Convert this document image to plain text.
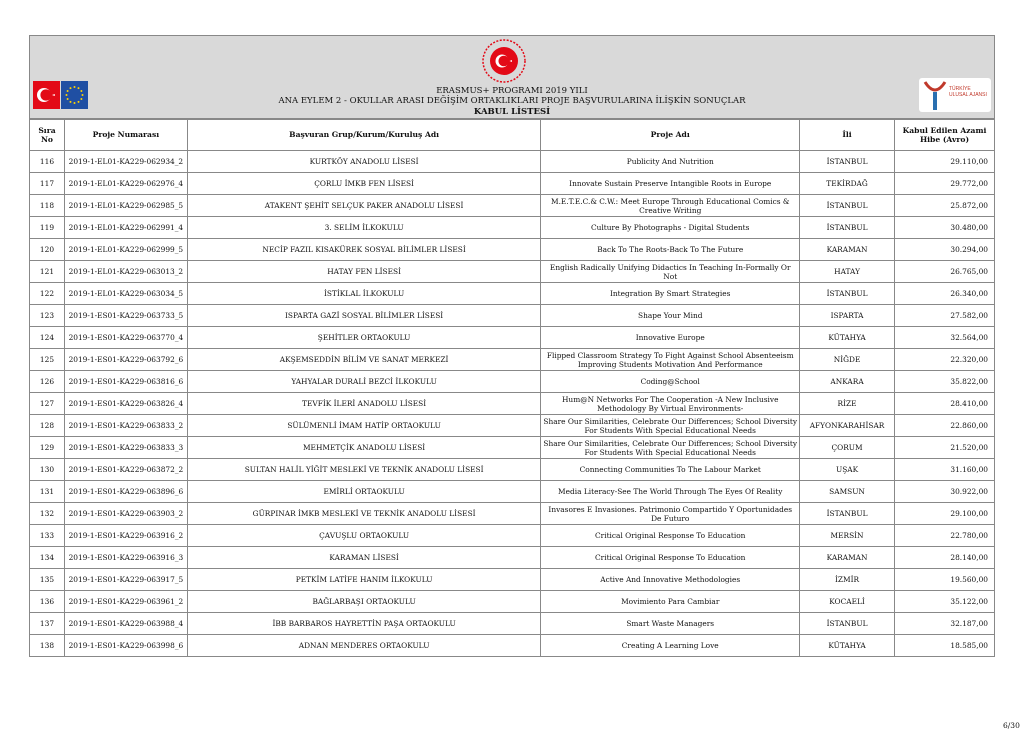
TÜRKİYE ULUSAL AJANSI
ERASMUS+ PROGRAMI 2019 YILI
ANA EYLEM 2 - OKULLAR ARASI DEĞİŞİM ORTAKLIKLARI PROJE BAŞVURULARINA İLİŞKİN SONUÇLAR
KABUL LİSTESİ
Sıra No	Proje Numarası	Başvuran Grup/Kurum/Kuruluş Adı	Proje Adı	İli	Kabul Edilen Azami Hibe (Avro)
116	2019-1-EL01-KA229-062934_2	KURTKÖY ANADOLU LİSESİ	Publicity And Nutrition	İSTANBUL	29.110,00
117	2019-1-EL01-KA229-062976_4	ÇORLU İMKB FEN LİSESİ	Innovate Sustain Preserve Intangible Roots in Europe	TEKİRDAĞ	29.772,00
118	2019-1-EL01-KA229-062985_5	ATAKENT ŞEHİT SELÇUK PAKER ANADOLU LİSESİ	M.E.T.E.C.& C.W.: Meet Europe Through Educational Comics & Creative Writing	İSTANBUL	25.872,00
119	2019-1-EL01-KA229-062991_4	3. SELİM İLKOKULU	Culture By Photographs - Digital Students	İSTANBUL	30.480,00
120	2019-1-EL01-KA229-062999_5	NECİP FAZIL KISAKÜREK SOSYAL BİLİMLER LİSESİ	Back To The Roots-Back To The Future	KARAMAN	30.294,00
121	2019-1-EL01-KA229-063013_2	HATAY FEN LİSESİ	English Radically Unifying Didactics In Teaching In-Formally Or Not	HATAY	26.765,00
122	2019-1-EL01-KA229-063034_5	İSTİKLAL İLKOKULU	Integration By Smart Strategies	İSTANBUL	26.340,00
123	2019-1-ES01-KA229-063733_5	ISPARTA GAZİ SOSYAL BİLİMLER LİSESİ	Shape Your Mind	ISPARTA	27.582,00
124	2019-1-ES01-KA229-063770_4	ŞEHİTLER ORTAOKULU	Innovative Europe	KÜTAHYA	32.564,00
125	2019-1-ES01-KA229-063792_6	AKŞEMSEDDİN BİLİM VE SANAT MERKEZİ	Flipped Classroom Strategy To Fight Against School Absenteeism Improving Students Motivation And Performance	NİĞDE	22.320,00
126	2019-1-ES01-KA229-063816_6	YAHYALAR DURALİ BEZCİ İLKOKULU	Coding@School	ANKARA	35.822,00
127	2019-1-ES01-KA229-063826_4	TEVFİK İLERİ ANADOLU LİSESİ	Hum@N Networks For The Cooperation -A New Inclusive Methodology By Virtual Environments-	RİZE	28.410,00
128	2019-1-ES01-KA229-063833_2	SÜLÜMENLİ İMAM HATİP ORTAOKULU	Share Our Similarities, Celebrate Our Differences; School Diversity For Students With Special Educational Needs	AFYONKARAHİSAR	22.860,00
129	2019-1-ES01-KA229-063833_3	MEHMETÇİK ANADOLU LİSESİ	Share Our Similarities, Celebrate Our Differences; School Diversity For Students With Special Educational Needs	ÇORUM	21.520,00
130	2019-1-ES01-KA229-063872_2	SULTAN HALİL YİĞİT MESLEKİ VE TEKNİK ANADOLU LİSESİ	Connecting Communities To The Labour Market	UŞAK	31.160,00
131	2019-1-ES01-KA229-063896_6	EMİRLİ ORTAOKULU	Media Literacy-See The World Through The Eyes Of Reality	SAMSUN	30.922,00
132	2019-1-ES01-KA229-063903_2	GÜRPINAR İMKB MESLEKİ VE TEKNİK ANADOLU LİSESİ	Invasores E Invasiones. Patrimonio Compartido Y Oportunidades De Futuro	İSTANBUL	29.100,00
133	2019-1-ES01-KA229-063916_2	ÇAVUŞLU ORTAOKULU	Critical Original Response To Education	MERSİN	22.780,00
134	2019-1-ES01-KA229-063916_3	KARAMAN LİSESİ	Critical Original Response To Education	KARAMAN	28.140,00
135	2019-1-ES01-KA229-063917_5	PETKİM LATİFE HANIM İLKOKULU	Active And Innovative Methodologies	İZMİR	19.560,00
136	2019-1-ES01-KA229-063961_2	BAĞLARBAŞI ORTAOKULU	Movimiento Para Cambiar	KOCAELİ	35.122,00
137	2019-1-ES01-KA229-063988_4	İBB BARBAROS HAYRETTİN PAŞA ORTAOKULU	Smart Waste Managers	İSTANBUL	32.187,00
138	2019-1-ES01-KA229-063998_6	ADNAN MENDERES ORTAOKULU	Creating A Learning Love	KÜTAHYA	18.585,00
6/30
